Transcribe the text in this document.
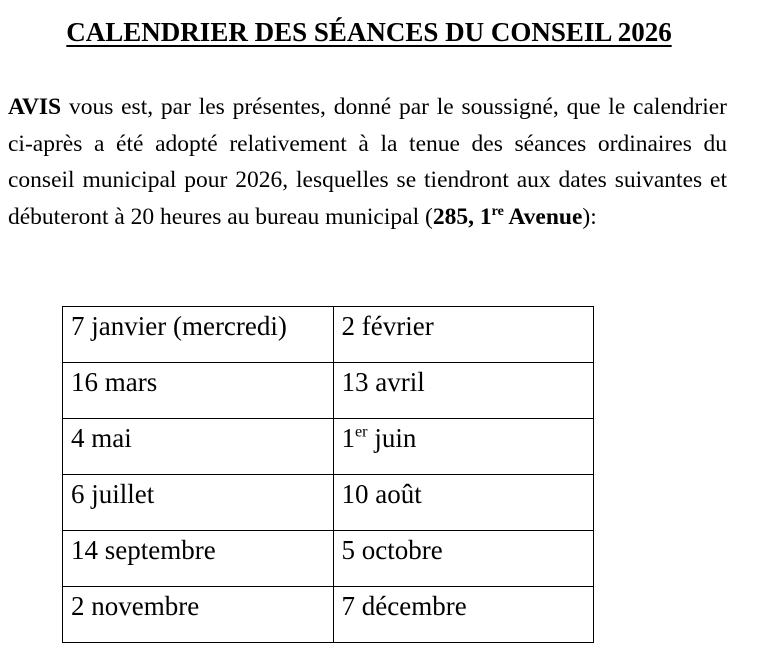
CALENDRIER DES SÉANCES DU CONSEIL 2026

AVIS vous est, par les présentes, donné par le soussigné, que le calendrier ci-après a été adopté relativement à la tenue des séances ordinaires du conseil municipal pour 2026, lesquelles se tiendront aux dates suivantes et débuteront à 20 heures au bureau municipal (285, 1re Avenue):

7 janvier (mercredi)	2 février
16 mars	13 avril
4 mai	1er juin
6 juillet	10 août
14 septembre	5 octobre
2 novembre	7 décembre
